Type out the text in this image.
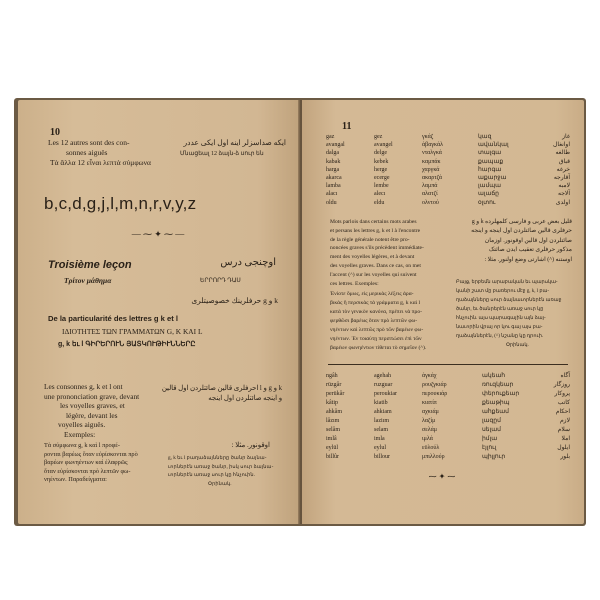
10
Les 12 autres sont des con-
sonnes aiguës
Τὰ ἄλλα 12 εἶναι λεπτὰ σύμφωνα
ایکه صداسزلر اینه اول ایکی عددر
Մնացեալ 12 ձայն-ձ սուր են
b,c,d,g,j,l,m,n,r,v,y,z
— ⁓ ✦ ⁓ —
Troisième leçon	اوچنجی درس
Τρίτον μάθημα	ԵՐՐՈՐԴ ԴԱՍ
k و g حرفلرینك خصوصیتلری
De la particularité des lettres g k et l
ΙΔΙΟΤΗΤΕΣ ΤΩΝ ΓΡΑΜΜΑΤΩΝ G, K ΚΑΙ L
g, k եւ l ԳԻՐԵՐՈՒՆ ՅԱՏԿՈՒԹԻՒՆՆԵՐԸ
Les consonnes g, k et l ont
une prononciation grave, devant
les voyelles graves, et
légère, devant les
voyelles aiguës.
Exemples:
k و g و l احرفلری قالین صائتلردن اول قالین
و اینجه صائتلردن اول اینجه
اوقونور. مثلا :
Τὰ σύμφωνα g, k καὶ l προφέ-
ρονται βαρέως ὅταν εὑρίσκονται πρὸ
βαρέων φωνηέντων καὶ ἐλαφρῶς
ὅταν εὑρίσκονται πρὸ λεπτῶν φω-
νηέντων. Παραδείγματα:
g, k եւ l բաղաձայնները ծանր ձայնա-
ւորներէն առաջ ծանր, իսկ սուր ձայնա-
ւորներէն առաջ սուր կը հնչուին.
Օրինակ.
11
gaz
avangal
dalga
kabak
harga
akarca
lamba
alacı
oldu
gez
avangel
delge
kebek
herge
ecerge
lembe
alecı
eldu
γκάζ
άβαγκάλ
νταλγκά
καμπάκ
χαργκά
ακαρτζά
λαμπά
αλατζί
ολντού
կազ
ավանկալ
տալգա
քապաք
հարգա
աքարջա
լամպա
ալաճը
օլտու
غاز
اوانغال
طالغه
قباق
خرغه
آقارجه
لامبه
آلاجه
اولدی
Mots parlois dans certains mots arabes
et persans les lettres g, k et l à l'encontre
de la règle générale notent être pro-
noncées graves s'ils précèdent immédiate-
ment des voyelles légères, et à devant
des voyelles graves. Dans ce cas, on met
l'accent (^) sur les voyelles qui suivent
ces lettres. Exemples:
قلیل بعض عربی و فارسی کلمهلرده k و g
حرفلری قالین صائتلردن اول اینجه و اینجه
صائتلردن اول قالین اوقونور. اوزمان
مذکور حرفلری تعقیب ایدن صائتک
اوستنه (^) اشارتی وضع اولنور. مثلا :
Ἐνίοτε ὅμως, εἰς μερικὰς λέξεις ἀρα-
βικὰς ἢ περσικὰς τὰ γράμματα g, k καὶ l
κατὰ τὸν γενικὸν κανόνα, πρέπει νὰ προ-
φερθῶσι βαρέως ὅταν πρὸ λεπτῶν φω-
νηέντων καὶ λεπτῶς πρὸ τῶν βαρέων φω-
νηέντων. Ἐν τοιαύτῃ περιπτώσει ἐπὶ τῶν
βαρέων φωνηέντων τίθεται τὸ σημεῖον (^).
Բայց, երբեմն արաբական եւ պարսկա-
կանի շատ մը բառերու մէջ g, k, l բա-
ղաձայնները սուր ձայնաւորներէն առաջ
ծանր, եւ ծանրերէն առաջ սուր կը
հնչուին. այս պարագային այն ձայ-
նաւորին վրայ որ կու գայ այս բա-
ղաձայններէն, (^) նշանը կը դրուի.
Օրինակ.
ngâh
rüzgâr
perükâr
kâtip
ahkâm
lâzım
selâm
imlâ
eylül
billûr
agehah
ruzguar
peroukiar
kiatib
ahkiam
laziım
selam
imla
eylul
billour
άγκάχ
ρουζγκιάρ
περουκιάρ
κιατίπ
αχκιάμ
λαζίμ
σελάμ
ιμλά
εϋλούλ
μπιλλούρ
ակեահ
ռուզկեար
փերուքեար
քեաթիպ
ահքեամ
լազըմ
սելամ
իմլա
էյլուլ
պիլլուր
آگاه
روزگار
پروكار
کاتب
احکام
لازم
سلام
املا
ایلول
بلور
⁓ ✦ ⁓
